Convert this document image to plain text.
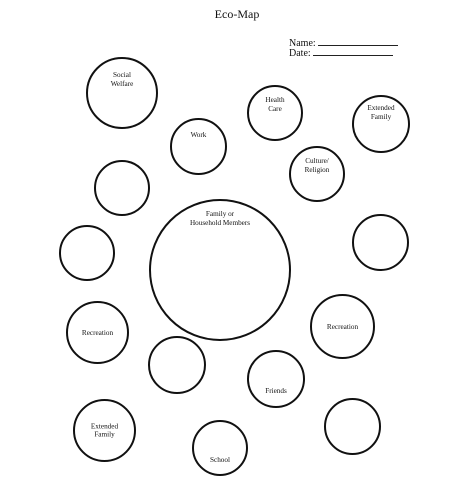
Eco-Map
Name:
Date:
Social
Welfare
Health
Care	Extended
Family
Work
Culture/
Religion
Family or
Household Members
Recreation
Recreation
Friends
Extended
Family
School
